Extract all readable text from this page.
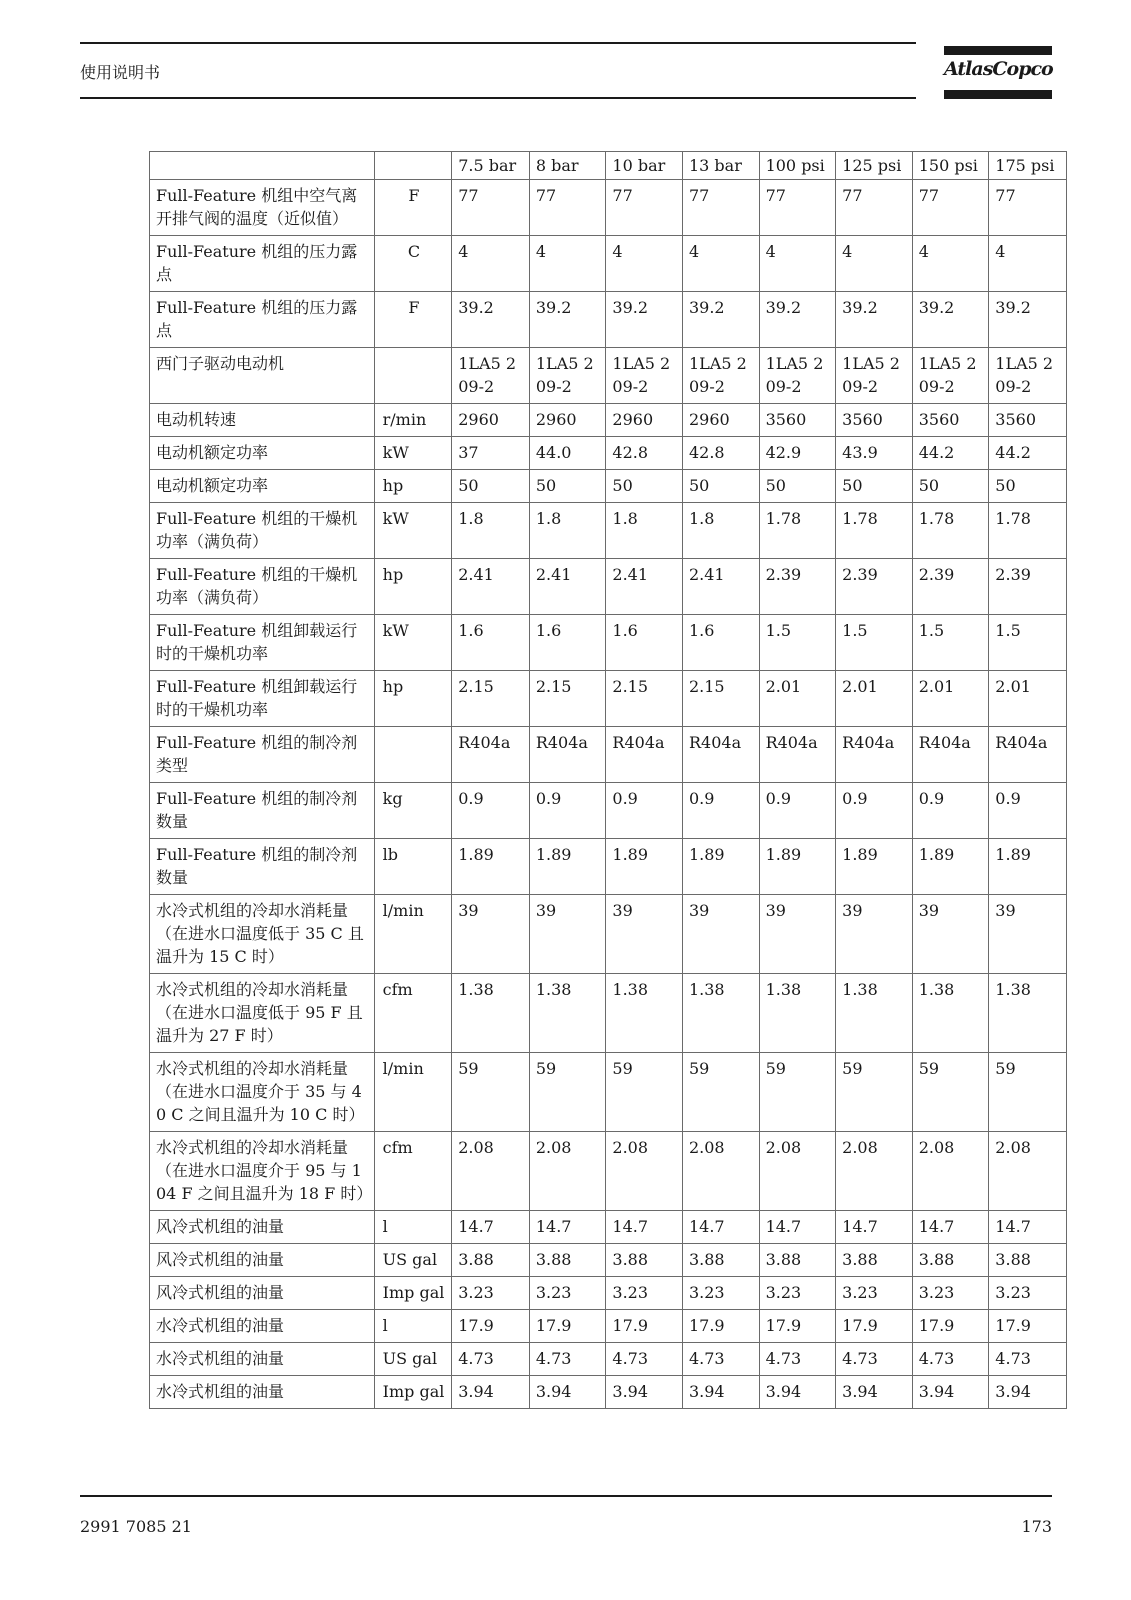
使用说明书	AtlasCopco
		7.5 bar	8 bar	10 bar	13 bar	100 psi	125 psi	150 psi	175 psi
Full-Feature 机组中空气离开排气阀的温度（近似值）	F	77	77	77	77	77	77	77	77
Full-Feature 机组的压力露点	C	4	4	4	4	4	4	4	4
Full-Feature 机组的压力露点	F	39.2	39.2	39.2	39.2	39.2	39.2	39.2	39.2
西门子驱动电动机		1LA5 209-2	1LA5 209-2	1LA5 209-2	1LA5 209-2	1LA5 209-2	1LA5 209-2	1LA5 209-2	1LA5 209-2
电动机转速	r/min	2960	2960	2960	2960	3560	3560	3560	3560
电动机额定功率	kW	37	44.0	42.8	42.8	42.9	43.9	44.2	44.2
电动机额定功率	hp	50	50	50	50	50	50	50	50
Full-Feature 机组的干燥机功率（满负荷）	kW	1.8	1.8	1.8	1.8	1.78	1.78	1.78	1.78
Full-Feature 机组的干燥机功率（满负荷）	hp	2.41	2.41	2.41	2.41	2.39	2.39	2.39	2.39
Full-Feature 机组卸载运行时的干燥机功率	kW	1.6	1.6	1.6	1.6	1.5	1.5	1.5	1.5
Full-Feature 机组卸载运行时的干燥机功率	hp	2.15	2.15	2.15	2.15	2.01	2.01	2.01	2.01
Full-Feature 机组的制冷剂类型		R404a	R404a	R404a	R404a	R404a	R404a	R404a	R404a
Full-Feature 机组的制冷剂数量	kg	0.9	0.9	0.9	0.9	0.9	0.9	0.9	0.9
Full-Feature 机组的制冷剂数量	lb	1.89	1.89	1.89	1.89	1.89	1.89	1.89	1.89
水冷式机组的冷却水消耗量（在进水口温度低于 35 C 且温升为 15 C 时）	l/min	39	39	39	39	39	39	39	39
水冷式机组的冷却水消耗量（在进水口温度低于 95 F 且温升为 27 F 时）	cfm	1.38	1.38	1.38	1.38	1.38	1.38	1.38	1.38
水冷式机组的冷却水消耗量（在进水口温度介于 35 与 40 C 之间且温升为 10 C 时）	l/min	59	59	59	59	59	59	59	59
水冷式机组的冷却水消耗量（在进水口温度介于 95 与 104 F 之间且温升为 18 F 时）	cfm	2.08	2.08	2.08	2.08	2.08	2.08	2.08	2.08
风冷式机组的油量	l	14.7	14.7	14.7	14.7	14.7	14.7	14.7	14.7
风冷式机组的油量	US gal	3.88	3.88	3.88	3.88	3.88	3.88	3.88	3.88
风冷式机组的油量	Imp gal	3.23	3.23	3.23	3.23	3.23	3.23	3.23	3.23
水冷式机组的油量	l	17.9	17.9	17.9	17.9	17.9	17.9	17.9	17.9
水冷式机组的油量	US gal	4.73	4.73	4.73	4.73	4.73	4.73	4.73	4.73
水冷式机组的油量	Imp gal	3.94	3.94	3.94	3.94	3.94	3.94	3.94	3.94
2991 7085 21	173
